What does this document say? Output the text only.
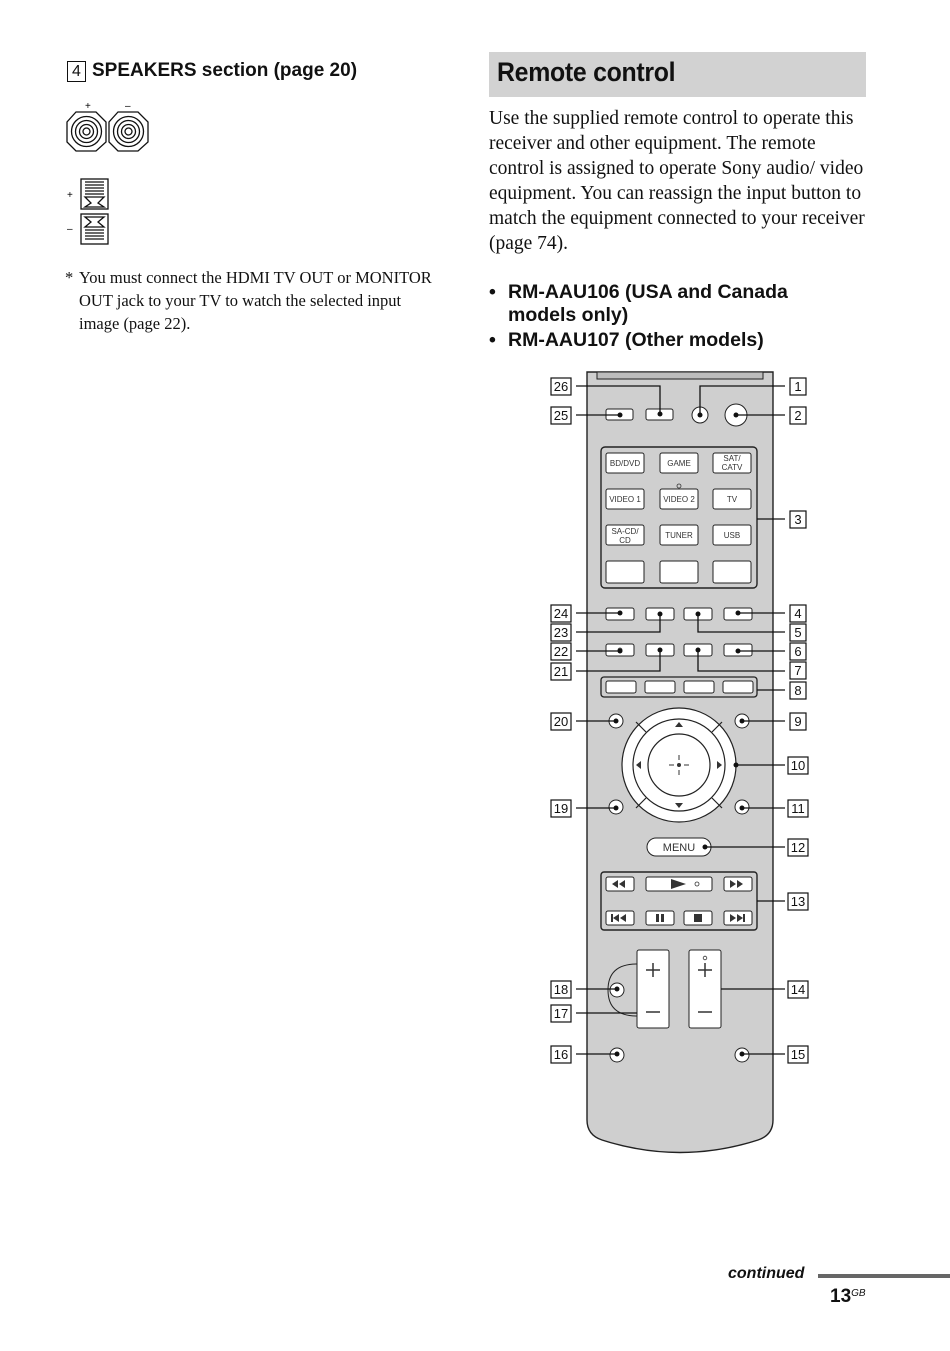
4 SPEAKERS section (page 20)
+	–
+
–
* You must connect the HDMI TV OUT or MONITOR OUT jack to your TV to watch the selected input image (page 22).
Remote control
Use the supplied remote control to operate this receiver and other equipment. The remote control is assigned to operate Sony audio/ video equipment. You can reassign the input button to match the equipment connected to your receiver (page 74).
• RM-AAU106 (USA and Canada models only)
• RM-AAU107 (Other models)
BD/DVD	GAME
SAT/
CATV
VIDEO 1	VIDEO 2	TV
SA-CD/
CD
TUNER	USB
MENU
1
2
3
4
5
6
7
8
9
10
11
12
13
14
15
26
25
24
23
22
21
20
19
18
17
16
continued
$13^{GB}$
